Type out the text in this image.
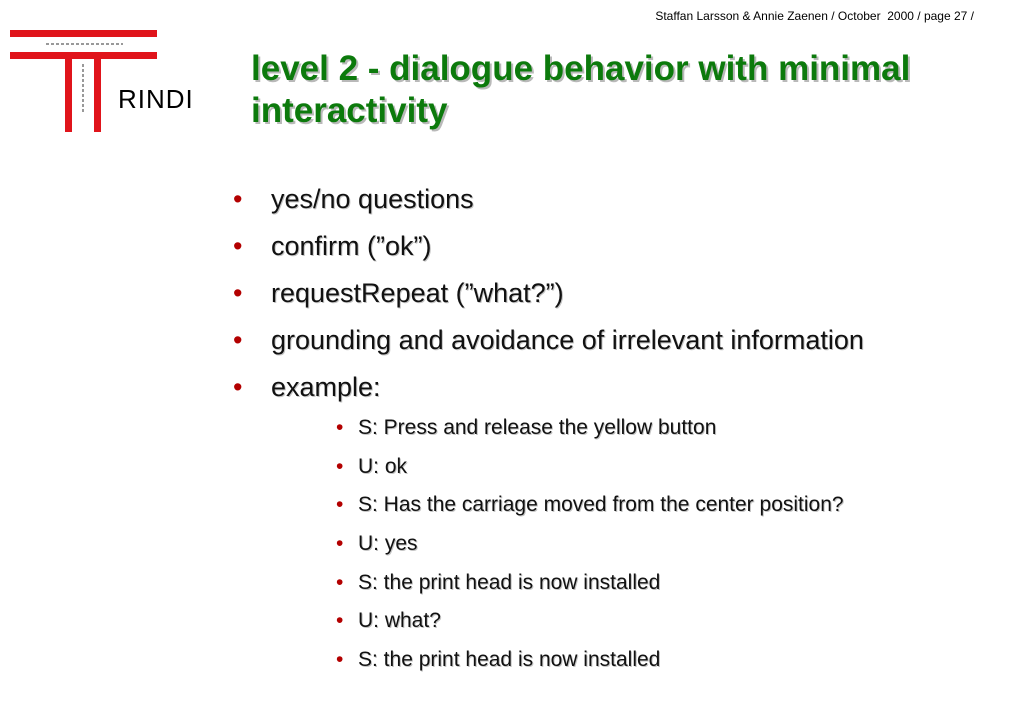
Staffan Larsson & Annie Zaenen / October  2000 / page 27 /
RINDI
level 2 - dialogue behavior with minimal interactivity
• yes/no questions
• confirm (”ok”)
• requestRepeat (”what?”)
• grounding and avoidance of irrelevant information
• example:
• S: Press and release the yellow button
• U: ok
• S: Has the carriage moved from the center position?
• U: yes
• S: the print head is now installed
• U: what?
• S: the print head is now installed
